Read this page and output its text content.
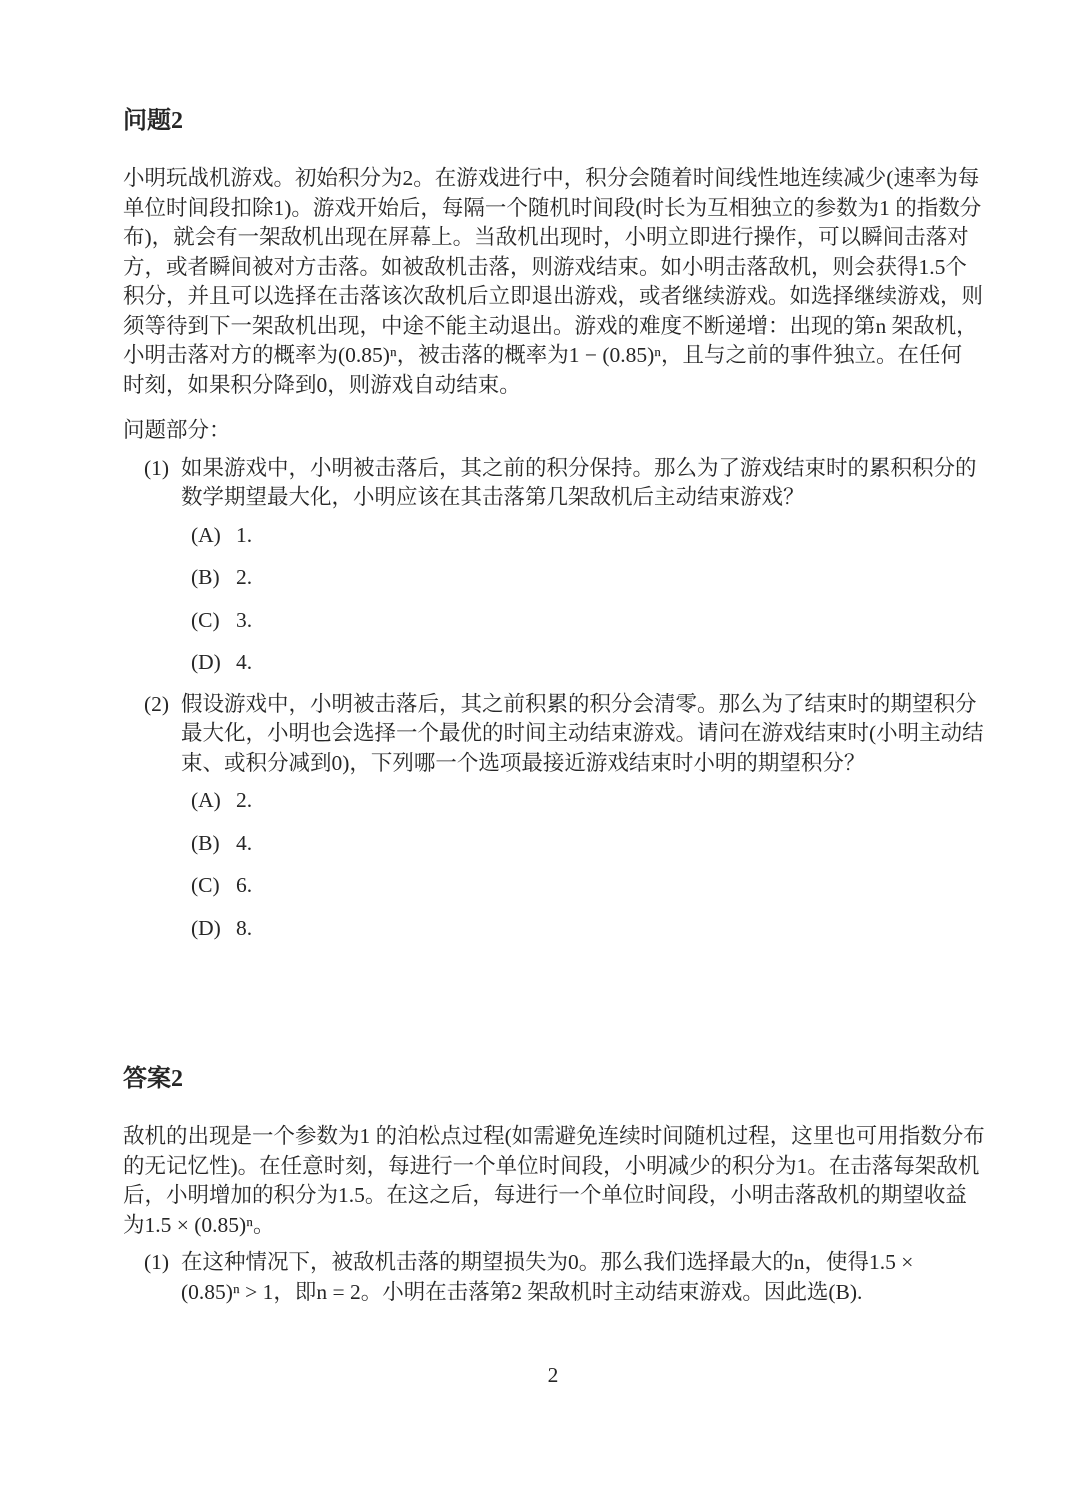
问题2
小明玩战机游戏。初始积分为2。在游戏进行中，积分会随着时间线性地连续减少(速率为每
单位时间段扣除1)。游戏开始后，每隔一个随机时间段(时长为互相独立的参数为1 的指数分
布)，就会有一架敌机出现在屏幕上。当敌机出现时，小明立即进行操作，可以瞬间击落对
方，或者瞬间被对方击落。如被敌机击落，则游戏结束。如小明击落敌机，则会获得1.5个
积分，并且可以选择在击落该次敌机后立即退出游戏，或者继续游戏。如选择继续游戏，则
须等待到下一架敌机出现，中途不能主动退出。游戏的难度不断递增：出现的第n 架敌机，
小明击落对方的概率为(0.85)ⁿ，被击落的概率为1 − (0.85)ⁿ，且与之前的事件独立。在任何
时刻，如果积分降到0，则游戏自动结束。
问题部分：
(1) 如果游戏中，小明被击落后，其之前的积分保持。那么为了游戏结束时的累积积分的
数学期望最大化，小明应该在其击落第几架敌机后主动结束游戏？
(A) 1.
(B) 2.
(C) 3.
(D) 4.
(2) 假设游戏中，小明被击落后，其之前积累的积分会清零。那么为了结束时的期望积分
最大化，小明也会选择一个最优的时间主动结束游戏。请问在游戏结束时(小明主动结
束、或积分减到0)，下列哪一个选项最接近游戏结束时小明的期望积分？
(A) 2.
(B) 4.
(C) 6.
(D) 8.
答案2
敌机的出现是一个参数为1 的泊松点过程(如需避免连续时间随机过程，这里也可用指数分布
的无记忆性)。在任意时刻，每进行一个单位时间段，小明减少的积分为1。在击落每架敌机
后，小明增加的积分为1.5。在这之后，每进行一个单位时间段，小明击落敌机的期望收益
为1.5 × (0.85)ⁿ。
(1) 在这种情况下，被敌机击落的期望损失为0。那么我们选择最大的n，使得1.5 ×
(0.85)ⁿ > 1，即n = 2。小明在击落第2 架敌机时主动结束游戏。因此选(B).
2
